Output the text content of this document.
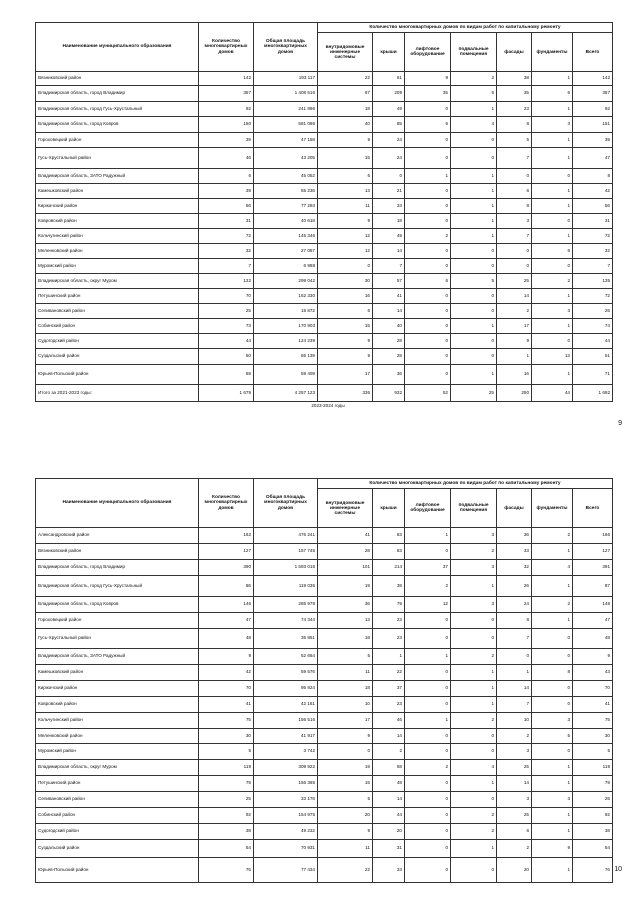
Наименование муниципального образования	Количество многоквартирных домов	Общая площадь многоквартирных домов	Количество многоквартирных домов по видам работ по капитальному ремонту						
			внутридомовые инженерные системы	крыши	лифтовое оборудование	подвальные помещения	фасады	фундаменты	Всего
Вязниковский район	142	193 117	22	61	9	2	38	1	142
Владимирская область, город Владимир	357	1 408 516	67	209	35	5	35	6	357
Владимирская область, город Гусь-Хрустальный	92	241 896	18	49	0	1	23	1	92
Владимирская область, город Ковров	150	581 086	40	85	6	4	8	3	151
Гороховецкий район	39	47 158	9	24	0	0	5	1	39
Гусь-Хрустальный район	46	43 205	15	24	0	0	7	1	47
Владимирская область, ЗАТО Радужный	6	45 052	6	0	1	1	0	0	8
Камешковский район	39	55 236	13	21	0	1	6	1	42
Киржачский район	56	77 293	11	33	0	1	8	1	56
Ковровский район	31	40 618	9	18	0	1	3	0	31
Кольчугинский район	72	145 346	12	49	2	1	7	1	72
Меленковский район	32	27 087	12	14	0	0	0	6	32
Муромский район	7	6 988	0	7	0	0	0	0	7
Владимирская область, округ Муром	132	299 042	30	57	6	5	25	2	135
Петушинский район	70	162 330	16	41	0	0	14	1	72
Селивановский район	25	15 872	6	14	0	0	2	3	25
Собинский район	73	170 903	15	40	0	1	17	1	74
Судогодский район	44	124 239	9	28	0	0	9	0	44
Суздальский район	50	65 139	9	28	0	0	1	13	51
Юрьев-Польский район	69	59 409	17	36	0	1	16	1	71
Итого за 2021-2023 годы:	1 679	4 257 123	336	932	52	25	250	44	1 692
2023-2024 годы
9
Наименование муниципального образования	Количество многоквартирных домов	Общая площадь многоквартирных домов	Количество многоквартирных домов по видам работ по капитальному ремонту						
			внутридомовые инженерные системы	крыши	лифтовое оборудование	подвальные помещения	фасады	фундаменты	Всего
Александровский район	162	476 241	41	83	1	3	36	2	166
Вязниковский район	127	157 745	28	83	0	2	33	1	127
Владимирская область, город Владимир	390	1 593 016	101	214	37	3	32	4	391
Владимирская область, город Гусь-Хрустальный	86	119 036	19	38	2	1	26	1	87
Владимирская область, город Ковров	146	285 978	36	79	12	3	24	2	148
Гороховецкий район	47	74 344	13	23	0	0	8	1	47
Гусь-Хрустальный район	48	35 851	18	23	0	0	7	0	48
Владимирская область, ЗАТО Радужный	9	52 664	5	1	1	2	0	0	9
Камешковский район	42	59 576	11	22	0	1	1	8	43
Киржачский район	70	95 924	18	37	0	1	14	0	70
Ковровский район	41	42 161	10	23	0	1	7	0	41
Кольчугинский район	75	156 516	17	46	1	2	10	3	75
Меленковский район	30	41 917	9	14	0	0	2	5	30
Муромский район	5	3 742	0	2	0	0	3	0	5
Владимирская область, округ Муром	119	309 922	19	68	2	4	25	1	119
Петушинский район	79	156 365	15	48	0	1	14	1	79
Селивановский район	25	33 176	5	14	0	0	3	3	25
Собинский район	92	154 975	20	44	0	2	25	1	92
Судогодский район	38	49 232	9	20	0	2	6	1	38
Суздальский район	54	70 931	11	31	0	1	2	9	54
Юрьев-Польский район	76	77 434	22	33	0	0	20	1	76 10
